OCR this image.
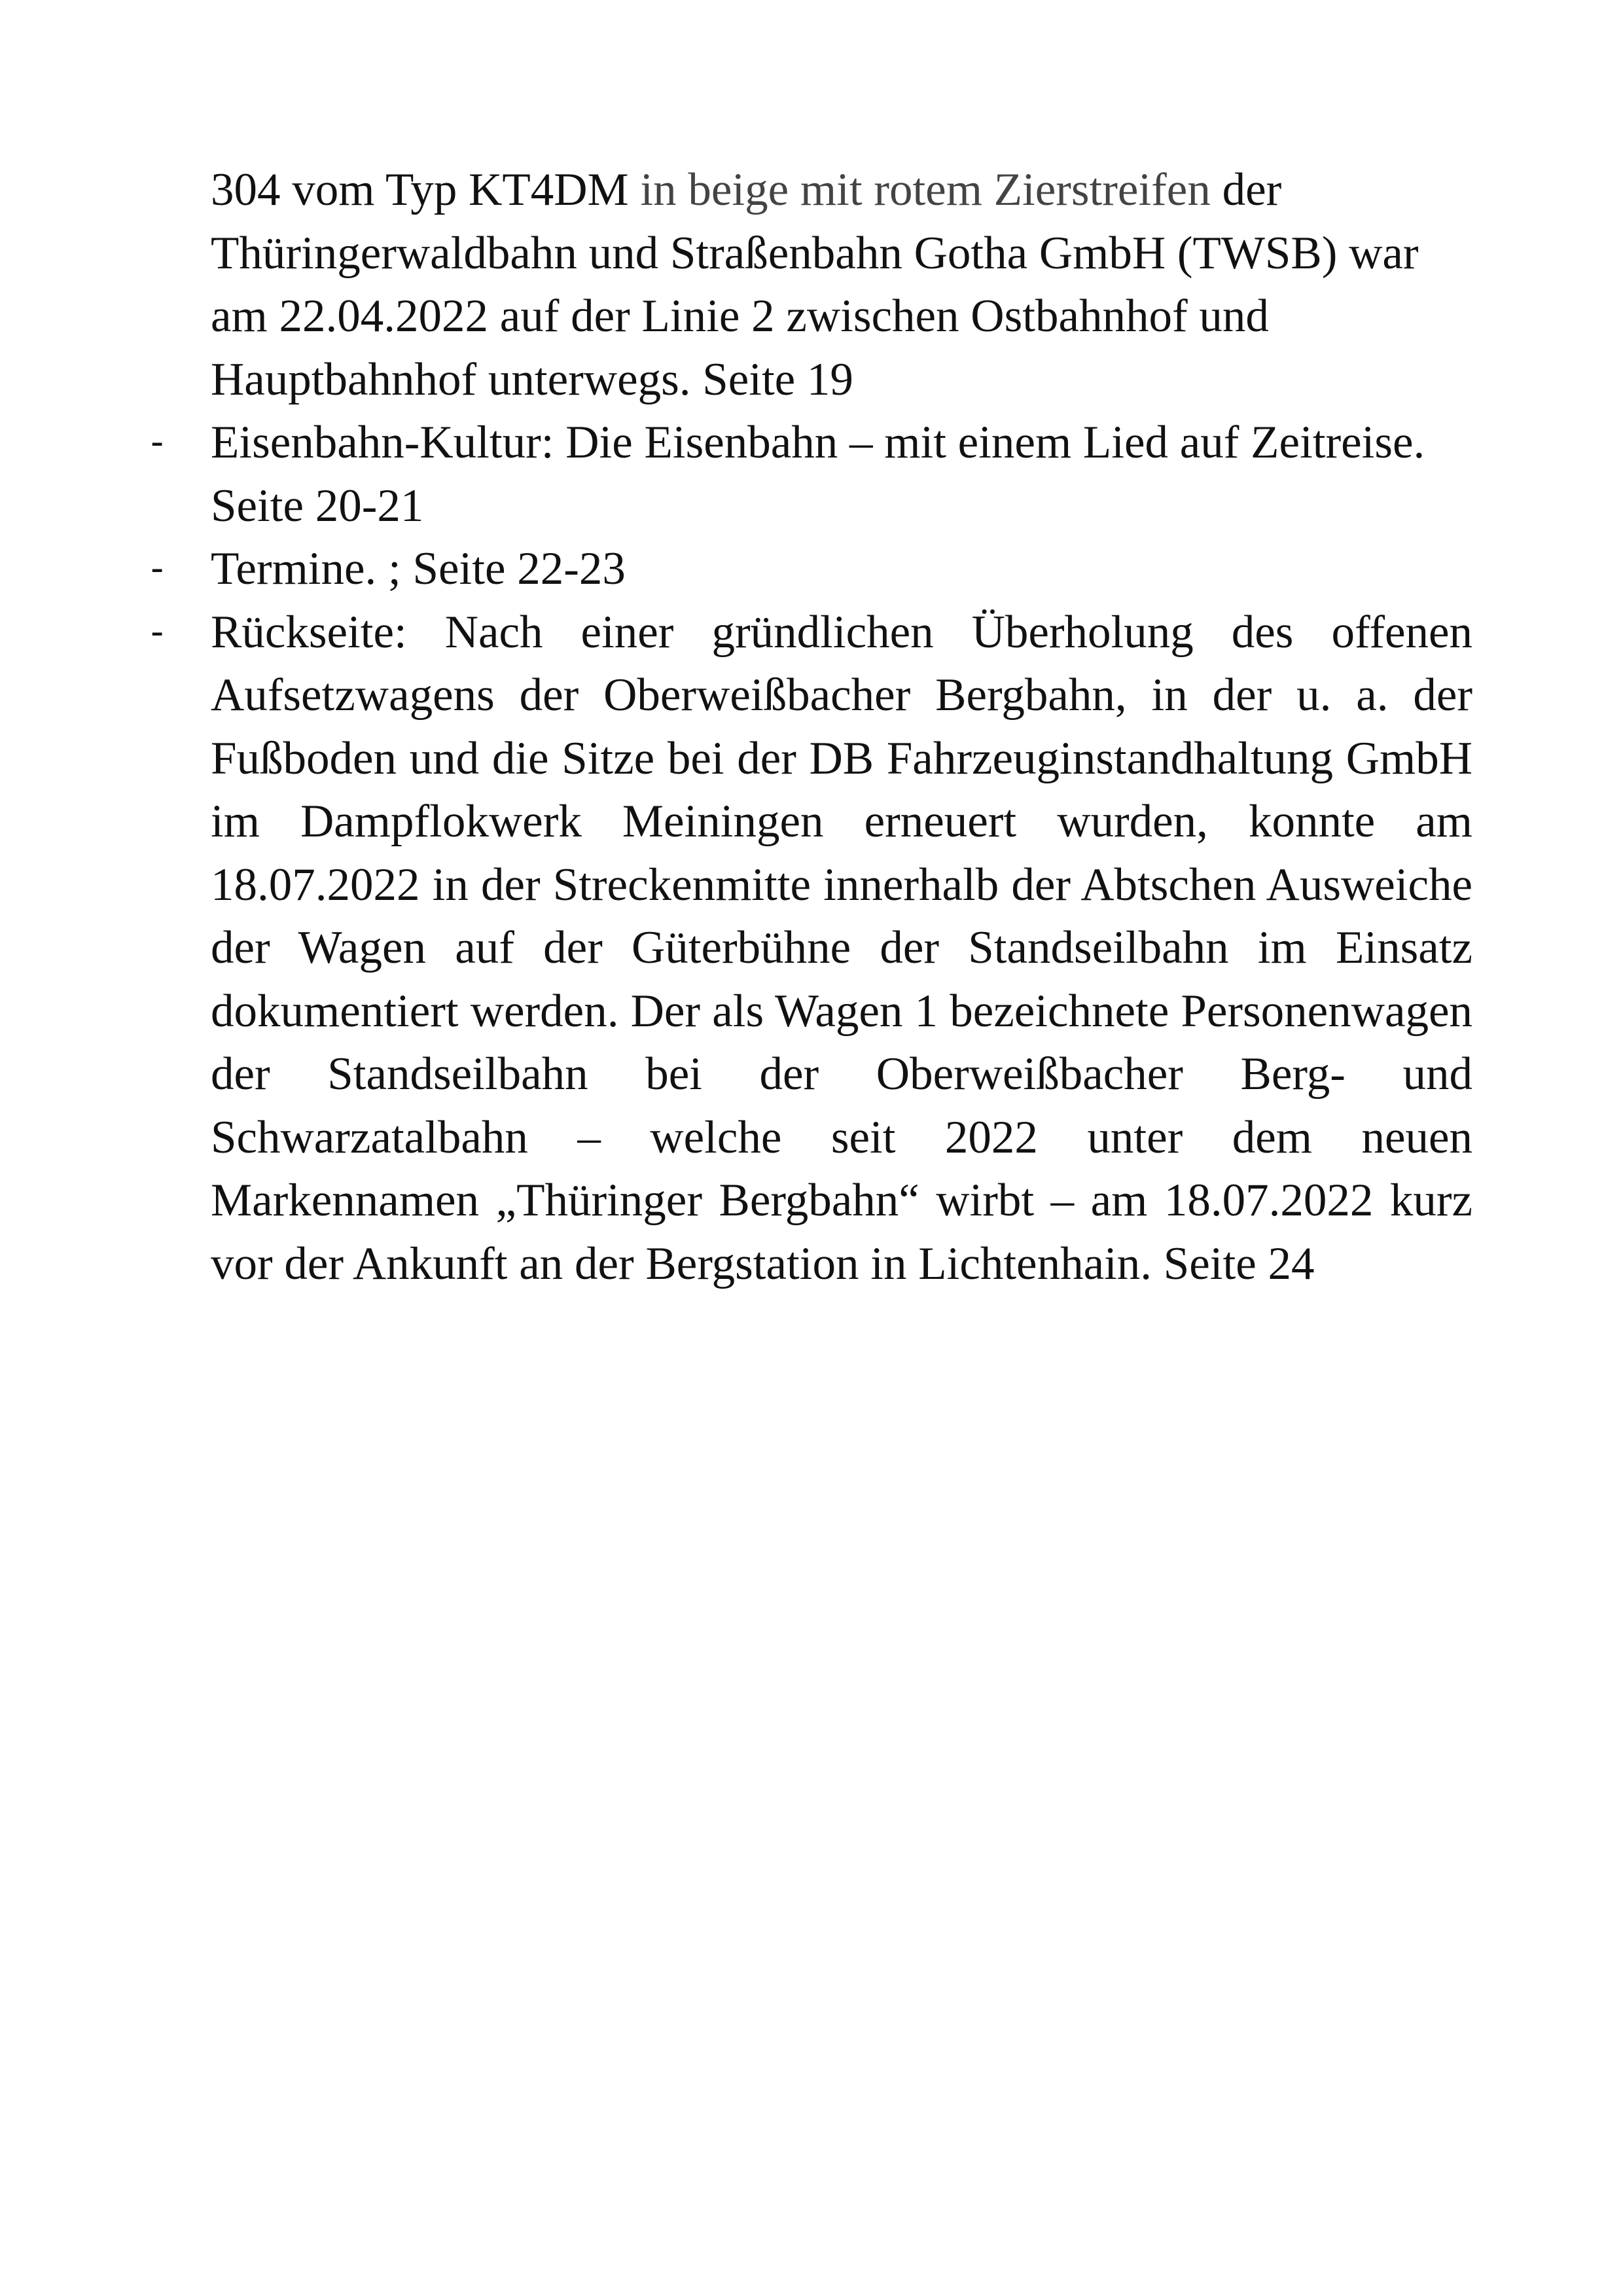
304 vom Typ KT4DM in beige mit rotem Zierstreifen der Thüringerwaldbahn und Straßenbahn Gotha GmbH (TWSB) war am 22.04.2022 auf der Linie 2 zwischen Ostbahnhof und Hauptbahnhof unterwegs. Seite 19

- Eisenbahn-Kultur: Die Eisenbahn – mit einem Lied auf Zeitreise. Seite 20-21
- Termine. ; Seite 22-23
- Rückseite: Nach einer gründlichen Überholung des offenen Aufsetzwagens der Oberweißbacher Bergbahn, in der u. a. der Fußboden und die Sitze bei der DB Fahrzeuginstandhaltung GmbH im Dampflokwerk Meiningen erneuert wurden, konnte am 18.07.2022 in der Streckenmitte innerhalb der Abtschen Ausweiche der Wagen auf der Güterbühne der Standseilbahn im Einsatz dokumentiert werden. Der als Wagen 1 bezeichnete Personenwagen der Standseilbahn bei der Oberweißbacher Berg- und Schwarzatalbahn – welche seit 2022 unter dem neuen Markennamen „Thüringer Bergbahn“ wirbt – am 18.07.2022 kurz vor der Ankunft an der Bergstation in Lichtenhain. Seite 24
